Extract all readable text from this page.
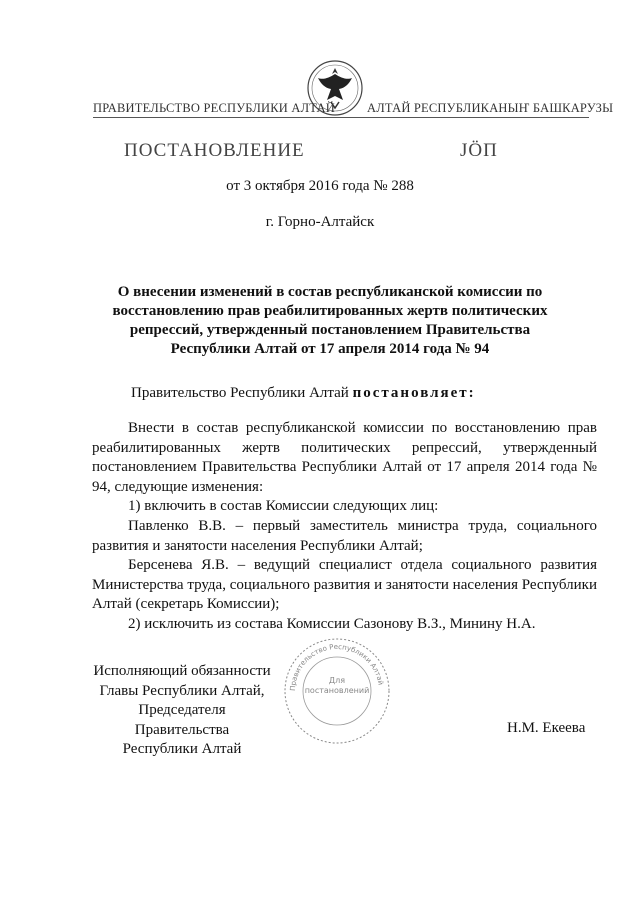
ПРАВИТЕЛЬСТВО РЕСПУБЛИКИ АЛТАЙ	АЛТАЙ РЕСПУБЛИКАНЫҤ БАШКАРУЗЫ
ПОСТАНОВЛЕНИЕ	ЈӦП
от 3 октября 2016 года № 288
г. Горно-Алтайск
О внесении изменений в состав республиканской комиссии по восстановлению прав реабилитированных жертв политических репрессий, утвержденный постановлением Правительства Республики Алтай от 17 апреля 2014 года № 94
Правительство Республики Алтай постановляет:

Внести в состав республиканской комиссии по восстановлению прав реабилитированных жертв политических репрессий, утвержденный постановлением Правительства Республики Алтай от 17 апреля 2014 года № 94, следующие изменения:

1) включить в состав Комиссии следующих лиц:

Павленко В.В. – первый заместитель министра труда, социального развития и занятости населения Республики Алтай;

Берсенева Я.В. – ведущий специалист отдела социального развития Министерства труда, социального развития и занятости населения Республики Алтай (секретарь Комиссии);

2) исключить из состава Комиссии Сазонову В.З., Минину Н.А.

Исполняющий обязанности
Главы Республики Алтай,
Председателя Правительства
Республики Алтай
Правительство Республики Алтай
Для постановлений
Н.М. Екеева
